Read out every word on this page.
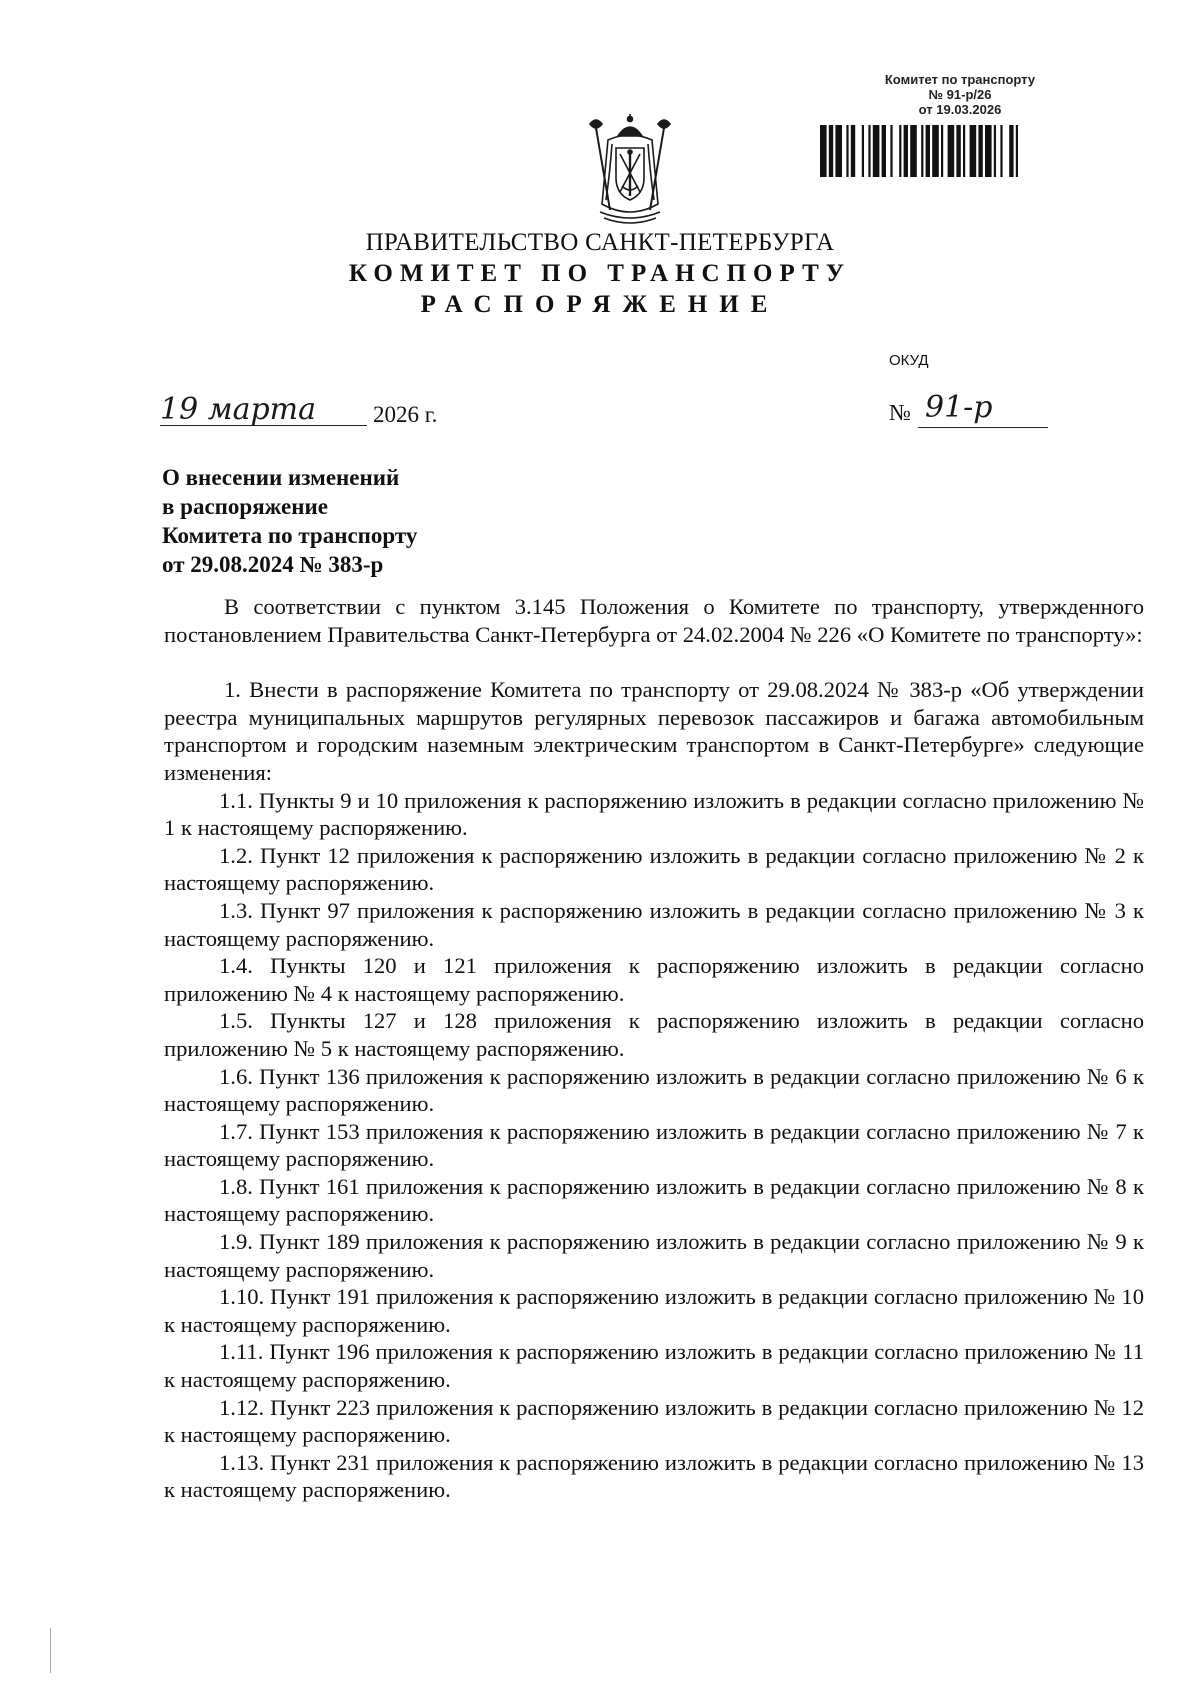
Комитет по транспорту
№ 91-р/26
от 19.03.2026
ПРАВИТЕЛЬСТВО САНКТ-ПЕТЕРБУРГА
КОМИТЕТ ПО ТРАНСПОРТУ
РАСПОРЯЖЕНИЕ
ОКУД
19 марта 2026 г.	№ 91-р
О внесении изменений
в распоряжение
Комитета по транспорту
от 29.08.2024 № 383-р

В соответствии с пунктом 3.145 Положения о Комитете по транспорту, утвержденного постановлением Правительства Санкт-Петербурга от 24.02.2004 № 226 «О Комитете по транспорту»:

1. Внести в распоряжение Комитета по транспорту от 29.08.2024 № 383-р «Об утверждении реестра муниципальных маршрутов регулярных перевозок пассажиров и багажа автомобильным транспортом и городским наземным электрическим транспортом в Санкт-Петербурге» следующие изменения:

1.1. Пункты 9 и 10 приложения к распоряжению изложить в редакции согласно приложению № 1 к настоящему распоряжению.

1.2. Пункт 12 приложения к распоряжению изложить в редакции согласно приложению № 2 к настоящему распоряжению.

1.3. Пункт 97 приложения к распоряжению изложить в редакции согласно приложению № 3 к настоящему распоряжению.

1.4. Пункты 120 и 121 приложения к распоряжению изложить в редакции согласно приложению № 4 к настоящему распоряжению.

1.5. Пункты 127 и 128 приложения к распоряжению изложить в редакции согласно приложению № 5 к настоящему распоряжению.

1.6. Пункт 136 приложения к распоряжению изложить в редакции согласно приложению № 6 к настоящему распоряжению.

1.7. Пункт 153 приложения к распоряжению изложить в редакции согласно приложению № 7 к настоящему распоряжению.

1.8. Пункт 161 приложения к распоряжению изложить в редакции согласно приложению № 8 к настоящему распоряжению.

1.9. Пункт 189 приложения к распоряжению изложить в редакции согласно приложению № 9 к настоящему распоряжению.

1.10. Пункт 191 приложения к распоряжению изложить в редакции согласно приложению № 10 к настоящему распоряжению.

1.11. Пункт 196 приложения к распоряжению изложить в редакции согласно приложению № 11 к настоящему распоряжению.

1.12. Пункт 223 приложения к распоряжению изложить в редакции согласно приложению № 12 к настоящему распоряжению.

1.13. Пункт 231 приложения к распоряжению изложить в редакции согласно приложению № 13 к настоящему распоряжению.
